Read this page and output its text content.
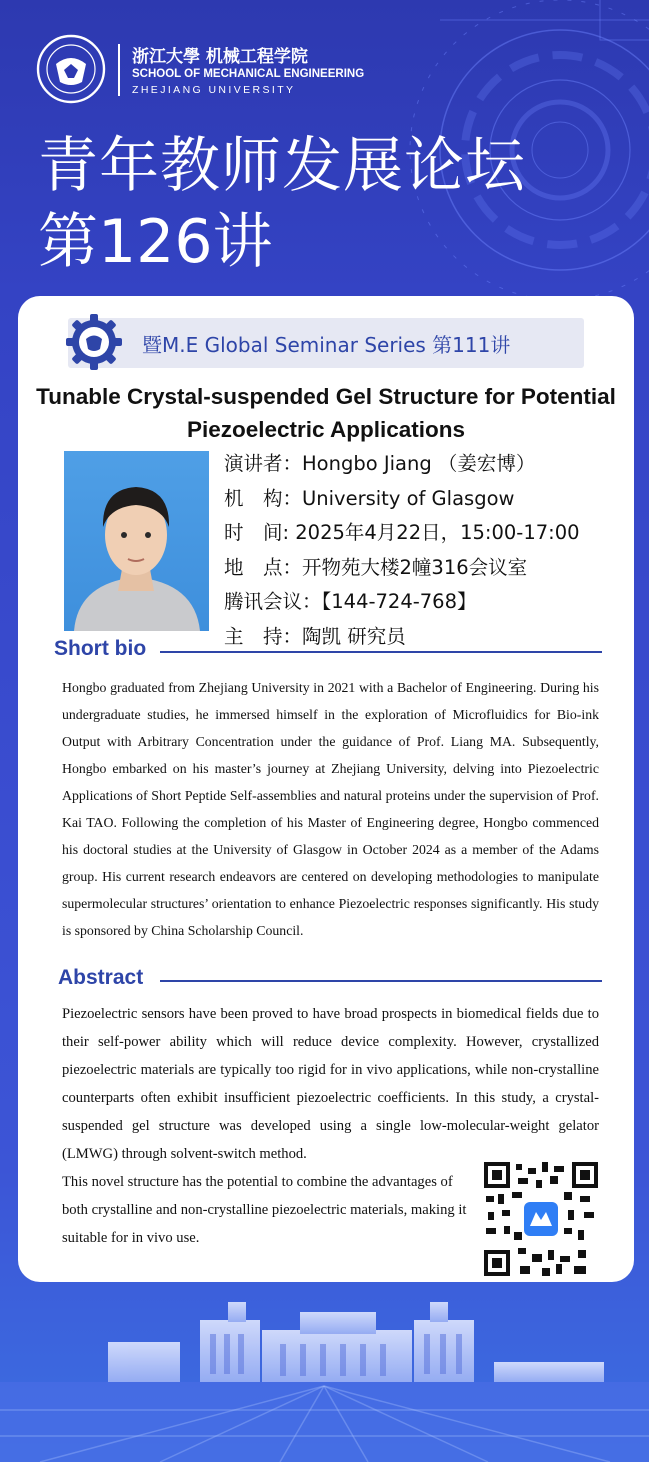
浙江大學 机械工程学院
SCHOOL OF MECHANICAL ENGINEERING
ZHEJIANG UNIVERSITY
青年教师发展论坛
第126讲
暨M.E Global Seminar Series 第111讲
Tunable Crystal-suspended Gel Structure for Potential Piezoelectric Applications
演讲者：Hongbo Jiang （姜宏博）
机　构：University of Glasgow
时　间: 2025年4月22日，15:00-17:00
地　点：开物苑大楼2幢316会议室
腾讯会议：【144-724-768】
主　持：陶凯 研究员
Short bio
Hongbo graduated from Zhejiang University in 2021 with a Bachelor of Engineering. During his undergraduate studies, he immersed himself in the exploration of Microfluidics for Bio-ink Output with Arbitrary Concentration under the guidance of Prof. Liang MA. Subsequently, Hongbo embarked on his master’s journey at Zhejiang University, delving into Piezoelectric Applications of Short Peptide Self-assemblies and natural proteins under the supervision of Prof. Kai TAO. Following the completion of his Master of Engineering degree, Hongbo commenced his doctoral studies at the University of Glasgow in October 2024 as a member of the Adams group. His current research endeavors are centered on developing methodologies to manipulate supermolecular structures’ orientation to enhance Piezoelectric responses significantly. His study is sponsored by China Scholarship Council.
Abstract
Piezoelectric sensors have been proved to have broad prospects in biomedical fields due to their self-power ability which will reduce device complexity. However, crystallized piezoelectric materials are typically too rigid for in vivo applications, while non-crystalline counterparts often exhibit insufficient piezoelectric coefficients. In this study, a crystal-suspended gel structure was developed using a single low-molecular-weight gelator (LMWG) through solvent-switch method.
This novel structure has the potential to combine the advantages of both crystalline and non-crystalline piezoelectric materials, making it suitable for in vivo use.
